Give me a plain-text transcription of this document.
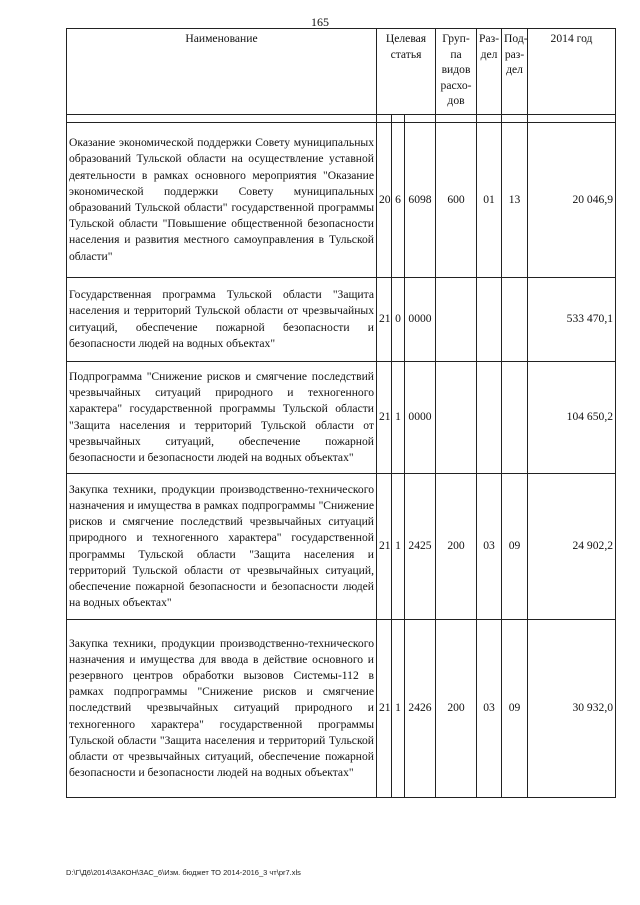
165
Наименование	Целевая статья			Груп-па видов расхо-дов	Раз-дел	Под-раз-дел	2014 год

Оказание экономической поддержки Совету муниципальных образований Тульской области на осуществление уставной деятельности в рамках основного мероприятия "Оказание экономической поддержки Совету муниципальных образований Тульской области" государственной программы Тульской области "Повышение общественной безопасности населения и развития местного самоуправления в Тульской области"	20	6	6098	600	01	13	20 046,9
Государственная программа Тульской области "Защита населения и территорий Тульской области от чрезвычайных ситуаций, обеспечение пожарной безопасности и безопасности людей на водных объектах"	21	0	0000				533 470,1
Подпрограмма "Снижение рисков и смягчение последствий чрезвычайных ситуаций природного и техногенного характера" государственной программы Тульской области "Защита населения и территорий Тульской области от чрезвычайных ситуаций, обеспечение пожарной безопасности и безопасности людей на водных объектах"	21	1	0000				104 650,2
Закупка техники, продукции производственно-технического назначения и имущества в рамках подпрограммы "Снижение рисков и смягчение последствий чрезвычайных ситуаций природного и техногенного характера" государственной программы Тульской области "Защита населения и территорий Тульской области от чрезвычайных ситуаций, обеспечение пожарной безопасности и безопасности людей на водных объектах"	21	1	2425	200	03	09	24 902,2
Закупка техники, продукции производственно-технического назначения и имущества для ввода в действие основного и резервного центров обработки вызовов Системы-112 в рамках подпрограммы "Снижение рисков и смягчение последствий чрезвычайных ситуаций природного и техногенного характера" государственной программы Тульской области "Защита населения и территорий Тульской области от чрезвычайных ситуаций, обеспечение пожарной безопасности и безопасности людей на водных объектах"	21	1	2426	200	03	09	30 932,0
D:\Г\Д6\2014\ЗАКОН\ЗАС_6\Изм. бюджет ТО 2014-2016_3 чт\pr7.xls
